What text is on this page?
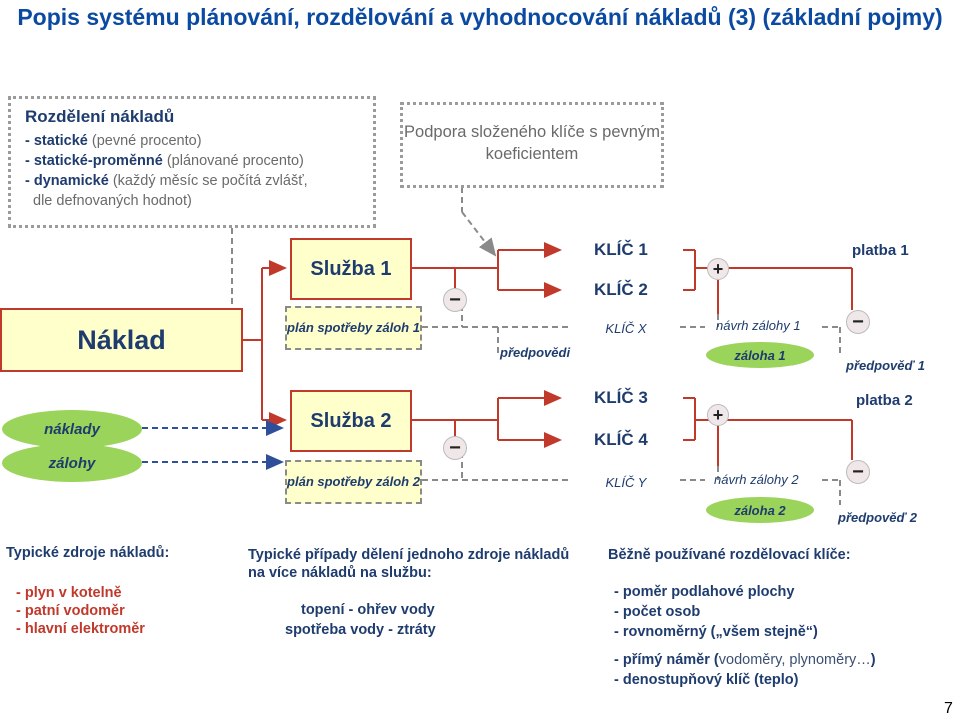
Popis systému plánování, rozdělování a vyhodnocování nákladů (3) (základní pojmy)
Rozdělení nákladů
- statické (pevné procento)
- statické-proměnné (plánované procento)
- dynamické (každý měsíc se počítá zvlášť,
dle defnovaných hodnot)
Podpora složeného klíče s pevným koeficientem
Náklad
náklady
zálohy
Služba 1
plán spotřeby záloh 1
Služba 2
plán spotřeby záloh 2
−
−
KLÍČ 1
KLÍČ 2
KLÍČ X
předpovědi
+
návrh zálohy 1
záloha 1
platba 1
−
předpověď 1
KLÍČ 3
KLÍČ 4
KLÍČ Y
+
návrh zálohy 2
záloha 2
platba 2
−
předpověď 2
Typické zdroje nákladů:
- plyn v kotelně
- patní vodoměr
- hlavní elektroměr
Typické případy dělení jednoho zdroje nákladů na více nákladů na službu:
topení - ohřev vody
spotřeba vody - ztráty
Běžně používané rozdělovací klíče:
- poměr podlahové plochy
- počet osob
- rovnoměrný („všem stejně“)
- přímý náměr (vodoměry, plynoměry…)
- denostupňový klíč (teplo)
7
